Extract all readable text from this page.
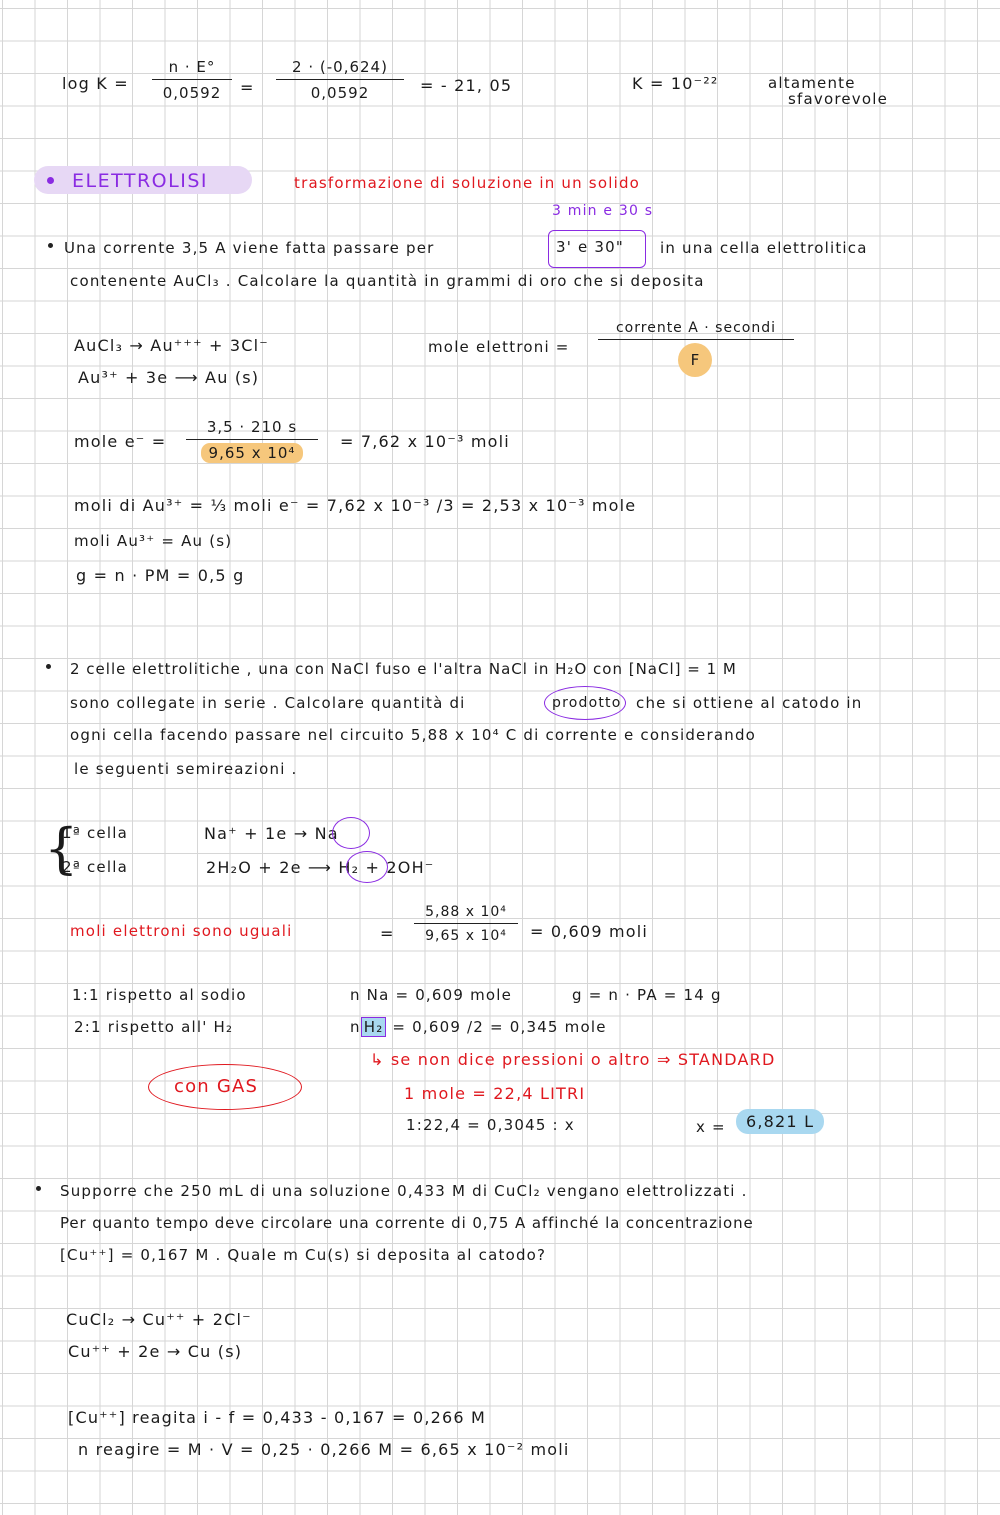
$\log K = \frac{n \cdot E^\circ}{0,0592} = \frac{2 \cdot (-0,624)}{0,0592}$ = - 21, 05	K = 10⁻²²	altamente
sfavorevole
ELETTROLISI	trasformazione di soluzione in un solido
3 min e 30 s
Una corrente 3,5 A viene fatta passare per	3' e 30" in una cella elettrolitica
contenente AuCl₃ . Calcolare la quantità in grammi di oro che si deposita
AuCl₃ → Au⁺⁺⁺ + 3Cl⁻
Au³⁺ + 3e ⟶ Au (s)
mole elettroni =
corrente A · secondi
F
mole $e^- = \frac{3,5 \cdot 210 s}{\text{9,65 x 10⁴}} = 7,62$ x 10⁻³ moli
moli di Au³⁺ = ⅓ moli e⁻ = 7,62 x 10⁻³ /3 = 2,53 x 10⁻³ mole
moli Au³⁺ = Au (s)
g = n · PM = 0,5 g
2 celle elettrolitiche , una con NaCl fuso e l'altra NaCl in H₂O con [NaCl] = 1 M
sono collegate in serie . Calcolare quantità di	prodotto che si ottiene al catodo in
ogni cella facendo passare nel circuito 5,88 x 10⁴ C di corrente e considerando
le seguenti semireazioni .
{
1ª cella
2ª cella
Na⁺ + 1e → Na
2H₂O + 2e ⟶ H₂ + 2OH⁻
moli elettroni sono uguali	= $\frac{\text{5,88 x 10⁴}}{\text{9,65 x 10⁴}} = 0,609$ moli
1:1 rispetto al sodio	n Na = 0,609 mole	g = n · PA = 14 g
2:1 rispetto all' H₂	n H₂ = 0,609 /2 = 0,345 mole
↳ se non dice pressioni o altro ⇒ STANDARD
con GAS	1 mole = 22,4 LITRI
1:22,4 = 0,3045 : x	x =	6,821 L
Supporre che 250 mL di una soluzione 0,433 M di CuCl₂ vengano elettrolizzati .
Per quanto tempo deve circolare una corrente di 0,75 A affinché la concentrazione
[Cu⁺⁺] = 0,167 M . Quale m Cu(s) si deposita al catodo?
CuCl₂ → Cu⁺⁺ + 2Cl⁻
Cu⁺⁺ + 2e → Cu (s)
[Cu⁺⁺] reagita i - f = 0,433 - 0,167 = 0,266 M
n reagire = M · V = 0,25 · 0,266 M = 6,65 x 10⁻² moli
